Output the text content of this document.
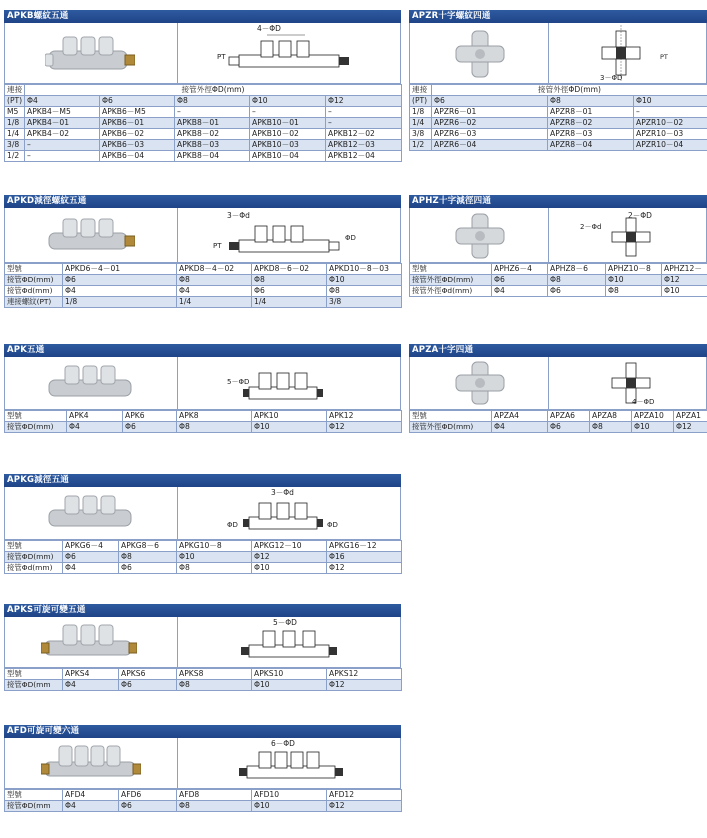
APKB螺紋五通
4－ΦD
PT
連接	接管外徑ΦD(mm)				
(PT)	Φ4	Φ6	Φ8	Φ10	Φ12
M5	APKB4－M5	APKB6－M5	–	–	–
1/8	APKB4－01	APKB6－01	APKB8－01	APKB10－01	–
1/4	APKB4－02	APKB6－02	APKB8－02	APKB10－02	APKB12－02
3/8	–	APKB6－03	APKB8－03	APKB10－03	APKB12－03
1/2	–	APKB6－04	APKB8－04	APKB10－04	APKB12－04
APZR十字螺紋四通
3－ΦD
PT
連接	接管外徑ΦD(mm)		
(PT)	Φ6	Φ8	Φ10
1/8	APZR6－01	APZR8－01	–
1/4	APZR6－02	APZR8－02	APZR10－02
3/8	APZR6－03	APZR8－03	APZR10－03
1/2	APZR6－04	APZR8－04	APZR10－04
APKD減徑螺紋五通
3－Φd
PT
ΦD
型號	APKD6－4－01	APKD8－4－02	APKD8－6－02	APKD10－8－03
接管ΦD(mm)	Φ6	Φ8	Φ8	Φ10
接管Φd(mm)	Φ4	Φ4	Φ6	Φ8
連接螺紋(PT)	1/8	1/4	1/4	3/8
APHZ十字減徑四通
2－ΦD
2－Φd
型號	APHZ6－4	APHZ8－6	APHZ10－8	APHZ12－
接管外徑ΦD(mm)	Φ6	Φ8	Φ10	Φ12
接管外徑Φd(mm)	Φ4	Φ6	Φ8	Φ10
APK五通
5－ΦD
型號	APK4	APK6	APK8	APK10	APK12
接管ΦD(mm)	Φ4	Φ6	Φ8	Φ10	Φ12
APZA十字四通
4－ΦD
型號	APZA4	APZA6	APZA8	APZA10	APZA1
接管外徑ΦD(mm)	Φ4	Φ6	Φ8	Φ10	Φ12
APKG減徑五通
3－Φd
ΦD	ΦD
型號	APKG6－4	APKG8－6	APKG10－8	APKG12－10	APKG16－12
接管ΦD(mm)	Φ6	Φ8	Φ10	Φ12	Φ16
接管Φd(mm)	Φ4	Φ6	Φ8	Φ10	Φ12
APKS可旋可變五通
5－ΦD
型號	APKS4	APKS6	APKS8	APKS10	APKS12
接管ΦD(mm	Φ4	Φ6	Φ8	Φ10	Φ12
AFD可旋可變六通
6－ΦD
型號	AFD4	AFD6	AFD8	AFD10	AFD12
接管ΦD(mm	Φ4	Φ6	Φ8	Φ10	Φ12
